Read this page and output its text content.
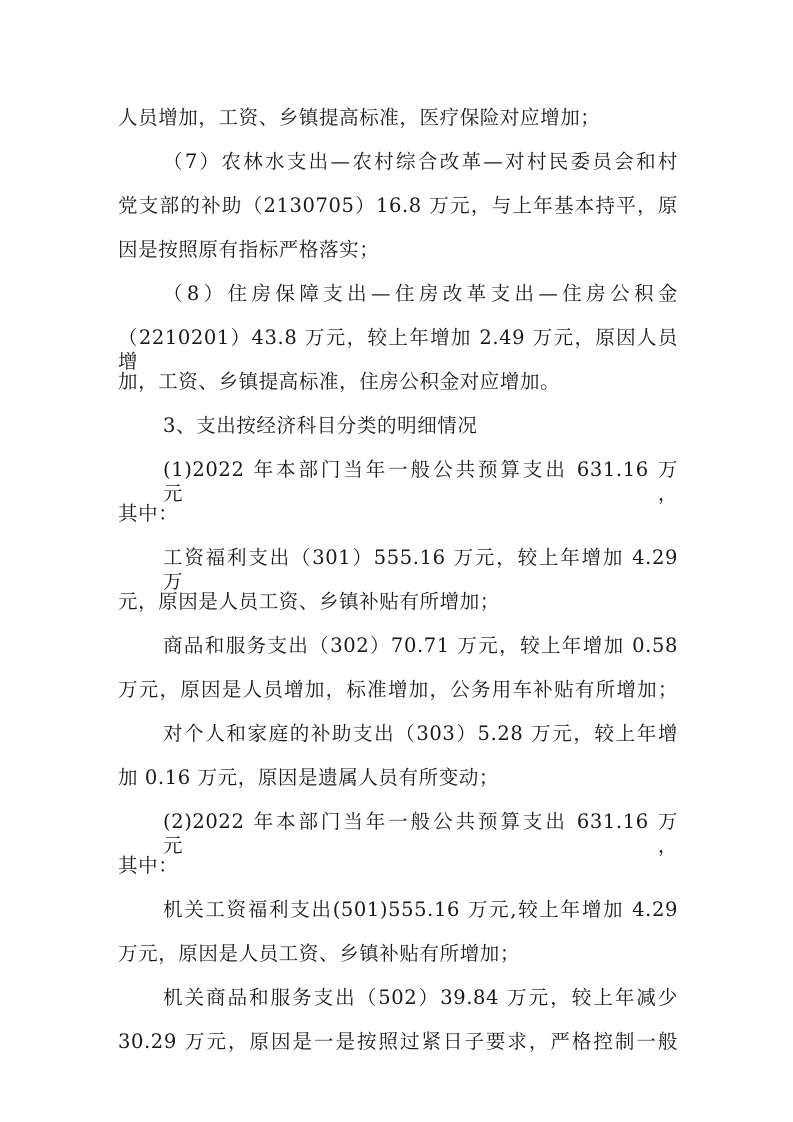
人员增加，工资、乡镇提高标准，医疗保险对应增加；
（7）农林水支出—农村综合改革—对村民委员会和村
党支部的补助（2130705）16.8 万元，与上年基本持平，原
因是按照原有指标严格落实；
（8）住房保障支出—住房改革支出—住房公积金
（2210201）43.8 万元，较上年增加 2.49 万元，原因人员增
加，工资、乡镇提高标准，住房公积金对应增加。
3、支出按经济科目分类的明细情况
(1)2022 年本部门当年一般公共预算支出 631.16 万元，
其中：
工资福利支出（301）555.16 万元，较上年增加 4.29 万
元，原因是人员工资、乡镇补贴有所增加；
商品和服务支出（302）70.71 万元，较上年增加 0.58
万元，原因是人员增加，标准增加，公务用车补贴有所增加；
对个人和家庭的补助支出（303）5.28 万元，较上年增
加 0.16 万元，原因是遗属人员有所变动；
(2)2022 年本部门当年一般公共预算支出 631.16 万元，
其中：
机关工资福利支出(501)555.16 万元,较上年增加 4.29
万元，原因是人员工资、乡镇补贴有所增加；
机关商品和服务支出（502）39.84 万元，较上年减少
30.29 万元，原因是一是按照过紧日子要求，严格控制一般
